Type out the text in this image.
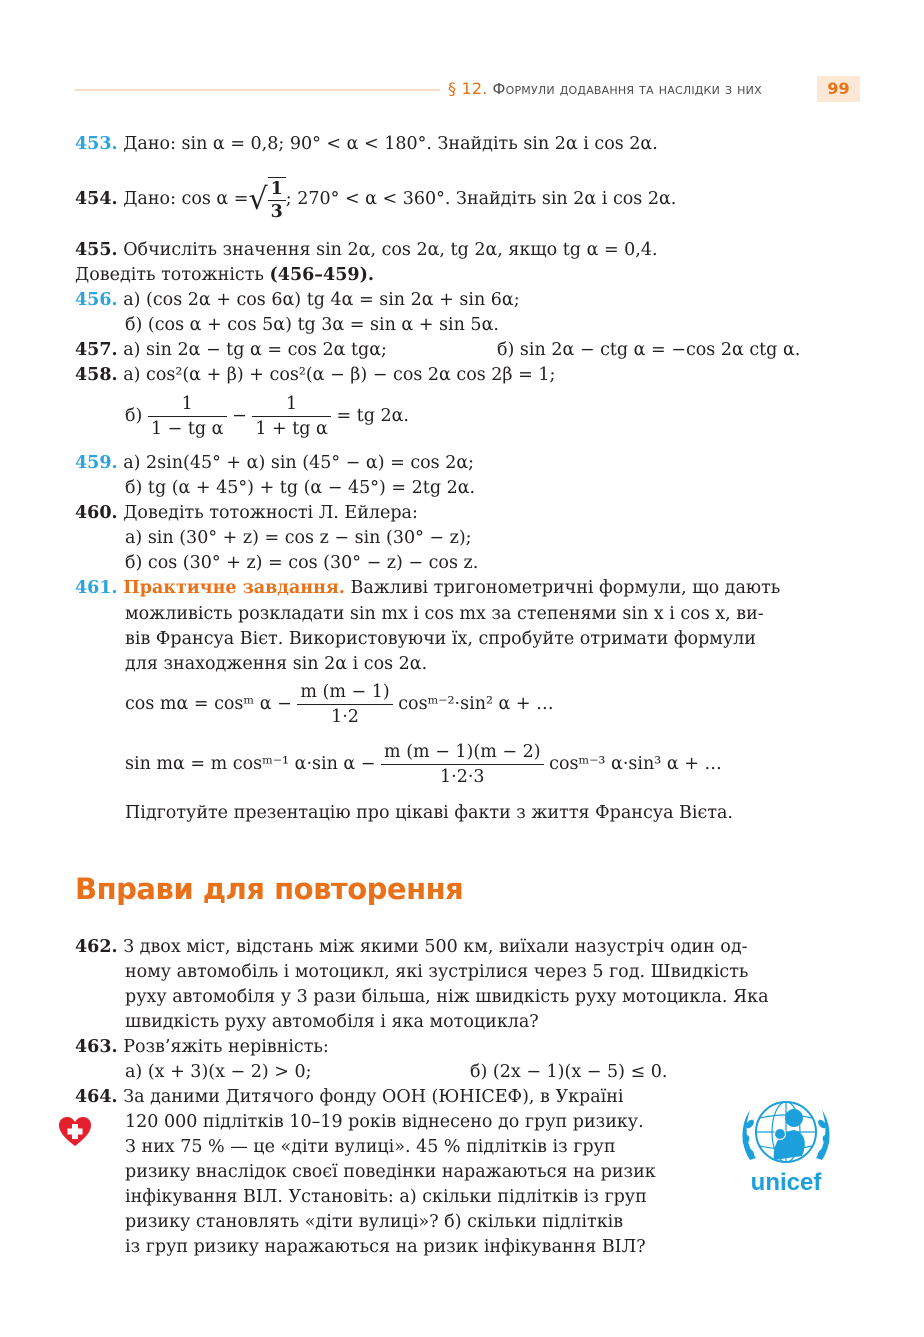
§ 12. Формули додавання та наслідки з них	99
453. Дано: sin α = 0,8; 90° < α < 180°. Знайдіть sin 2α і cos 2α.
454. Дано: cos α =√ $\frac{1}{3}$ ; 270° < α < 360°. Знайдіть sin 2α і cos 2α.
455. Обчисліть значення sin 2α, cos 2α, tg 2α, якщо tg α = 0,4.
Доведіть тотожність (456–459).
456. а) (cos 2α + cos 6α) tg 4α = sin 2α + sin 6α;
б) (cos α + cos 5α) tg 3α = sin α + sin 5α.
457. а) sin 2α − tg α = cos 2α tgα;	б) sin 2α − ctg α = −cos 2α ctg α.
458. а) cos²(α + β) + cos²(α − β) − cos 2α cos 2β = 1;
$б) \frac{1}{\text{1 − tg α}} - \frac{1}{\text{1 + tg α}}$ = tg 2α.
459. а) 2sin(45° + α) sin (45° − α) = cos 2α;
б) tg (α + 45°) + tg (α − 45°) = 2tg 2α.
460. Доведіть тотожності Л. Ейлера:
а) sin (30° + z) = cos z − sin (30° − z);
б) cos (30° + z) = cos (30° − z) − cos z.
461. Практичне завдання. Важливі тригонометричні формули, що дають
можливість розкладати sin mx і cos mx за степенями sin x і cos x, ви-
вів Франсуа Вієт. Використовуючи їх, спробуйте отримати формули
для знаходження sin 2α і cos 2α.
cos mα = cosᵐ $\alpha - \frac{m (m - 1)}{1\cdot 2}$ cosᵐ⁻²·sin² α + …
sin mα = m cosᵐ⁻¹ α·sin $\alpha - \frac{m (m - 1)(m - 2)}{1\cdot 2\cdot 3}$ cosᵐ⁻³ α·sin³ α + …
Підготуйте презентацію про цікаві факти з життя Франсуа Вієта.
Вправи для повторення
462. З двох міст, відстань між якими 500 км, виїхали назустріч один од-
ному автомобіль і мотоцикл, які зустрілися через 5 год. Швидкість
руху автомобіля у 3 рази більша, ніж швидкість руху мотоцикла. Яка
швидкість руху автомобіля і яка мотоцикла?
463. Розв’яжіть нерівність:
а) (x + 3)(x − 2) > 0;	б) (2x − 1)(x − 5) ≤ 0.
464. За даними Дитячого фонду ООН (ЮНІСЕФ), в Україні
120 000 підлітків 10–19 років віднесено до груп ризику.
З них 75 % — це «діти вулиці». 45 % підлітків із груп
ризику внаслідок своєї поведінки наражаються на ризик
інфікування ВІЛ. Установіть: а) скільки підлітків із груп
ризику становлять «діти вулиці»? б) скільки підлітків
із груп ризику наражаються на ризик інфікування ВІЛ?
unicef
